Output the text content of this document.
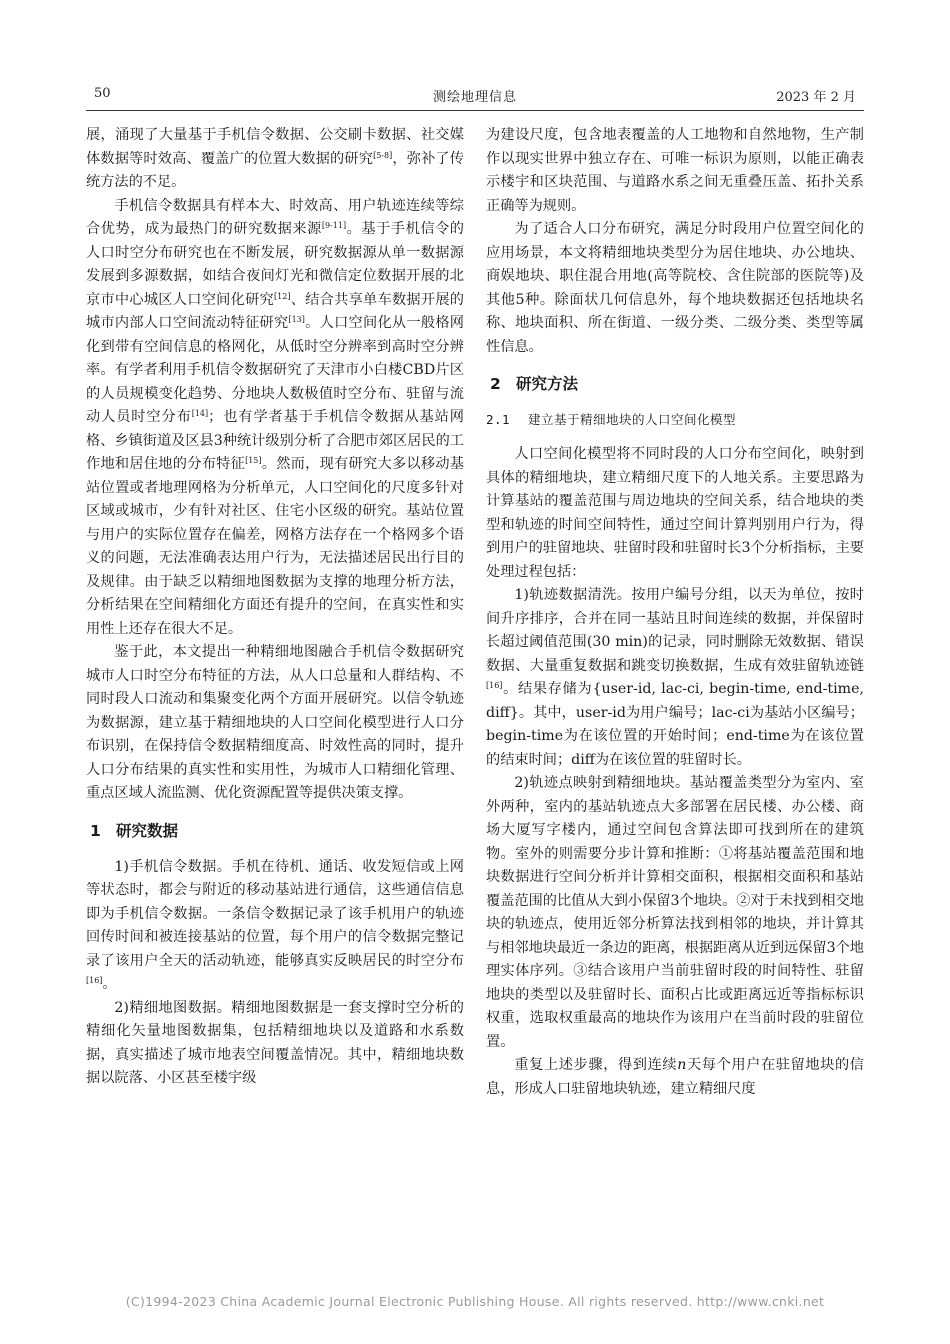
50	测绘地理信息	2023 年 2 月

展，涌现了大量基于手机信令数据、公交刷卡数据、社交媒体数据等时效高、覆盖广的位置大数据的研究[5-8]，弥补了传统方法的不足。

手机信令数据具有样本大、时效高、用户轨迹连续等综合优势，成为最热门的研究数据来源[9-11]。基于手机信令的人口时空分布研究也在不断发展，研究数据源从单一数据源发展到多源数据，如结合夜间灯光和微信定位数据开展的北京市中心城区人口空间化研究[12]、结合共享单车数据开展的城市内部人口空间流动特征研究[13]。人口空间化从一般格网化到带有空间信息的格网化，从低时空分辨率到高时空分辨率。有学者利用手机信令数据研究了天津市小白楼CBD片区的人员规模变化趋势、分地块人数极值时空分布、驻留与流动人员时空分布[14]；也有学者基于手机信令数据从基站网格、乡镇街道及区县3种统计级别分析了合肥市郊区居民的工作地和居住地的分布特征[15]。然而，现有研究大多以移动基站位置或者地理网格为分析单元，人口空间化的尺度多针对区域或城市，少有针对社区、住宅小区级的研究。基站位置与用户的实际位置存在偏差，网格方法存在一个格网多个语义的问题，无法准确表达用户行为，无法描述居民出行目的及规律。由于缺乏以精细地图数据为支撑的地理分析方法，分析结果在空间精细化方面还有提升的空间，在真实性和实用性上还存在很大不足。

鉴于此，本文提出一种精细地图融合手机信令数据研究城市人口时空分布特征的方法，从人口总量和人群结构、不同时段人口流动和集聚变化两个方面开展研究。以信令轨迹为数据源，建立基于精细地块的人口空间化模型进行人口分布识别，在保持信令数据精细度高、时效性高的同时，提升人口分布结果的真实性和实用性，为城市人口精细化管理、重点区域人流监测、优化资源配置等提供决策支撑。

1 研究数据

1)手机信令数据。手机在待机、通话、收发短信或上网等状态时，都会与附近的移动基站进行通信，这些通信信息即为手机信令数据。一条信令数据记录了该手机用户的轨迹回传时间和被连接基站的位置，每个用户的信令数据完整记录了该用户全天的活动轨迹，能够真实反映居民的时空分布[16]。

2)精细地图数据。精细地图数据是一套支撑时空分析的精细化矢量地图数据集，包括精细地块以及道路和水系数据，真实描述了城市地表空间覆盖情况。其中，精细地块数据以院落、小区甚至楼宇级

为建设尺度，包含地表覆盖的人工地物和自然地物，生产制作以现实世界中独立存在、可唯一标识为原则，以能正确表示楼宇和区块范围、与道路水系之间无重叠压盖、拓扑关系正确等为规则。

为了适合人口分布研究，满足分时段用户位置空间化的应用场景，本文将精细地块类型分为居住地块、办公地块、商娱地块、职住混合用地(高等院校、含住院部的医院等)及其他5种。除面状几何信息外，每个地块数据还包括地块名称、地块面积、所在街道、一级分类、二级分类、类型等属性信息。

2 研究方法
2.1 建立基于精细地块的人口空间化模型

人口空间化模型将不同时段的人口分布空间化，映射到具体的精细地块，建立精细尺度下的人地关系。主要思路为计算基站的覆盖范围与周边地块的空间关系，结合地块的类型和轨迹的时间空间特性，通过空间计算判别用户行为，得到用户的驻留地块、驻留时段和驻留时长3个分析指标，主要处理过程包括：

1)轨迹数据清洗。按用户编号分组，以天为单位，按时间升序排序，合并在同一基站且时间连续的数据，并保留时长超过阈值范围(30 min)的记录，同时删除无效数据、错误数据、大量重复数据和跳变切换数据，生成有效驻留轨迹链[16]。结果存储为{user-id, lac-ci, begin-time, end-time, diff}。其中，user-id为用户编号；lac-ci为基站小区编号；begin-time为在该位置的开始时间；end-time为在该位置的结束时间；diff为在该位置的驻留时长。

2)轨迹点映射到精细地块。基站覆盖类型分为室内、室外两种，室内的基站轨迹点大多部署在居民楼、办公楼、商场大厦写字楼内，通过空间包含算法即可找到所在的建筑物。室外的则需要分步计算和推断：①将基站覆盖范围和地块数据进行空间分析并计算相交面积，根据相交面积和基站覆盖范围的比值从大到小保留3个地块。②对于未找到相交地块的轨迹点，使用近邻分析算法找到相邻的地块，并计算其与相邻地块最近一条边的距离，根据距离从近到远保留3个地理实体序列。③结合该用户当前驻留时段的时间特性、驻留地块的类型以及驻留时长、面积占比或距离远近等指标标识权重，选取权重最高的地块作为该用户在当前时段的驻留位置。

重复上述步骤，得到连续n天每个用户在驻留地块的信息，形成人口驻留地块轨迹，建立精细尺度

(C)1994-2023 China Academic Journal Electronic Publishing House. All rights reserved. http://www.cnki.net
